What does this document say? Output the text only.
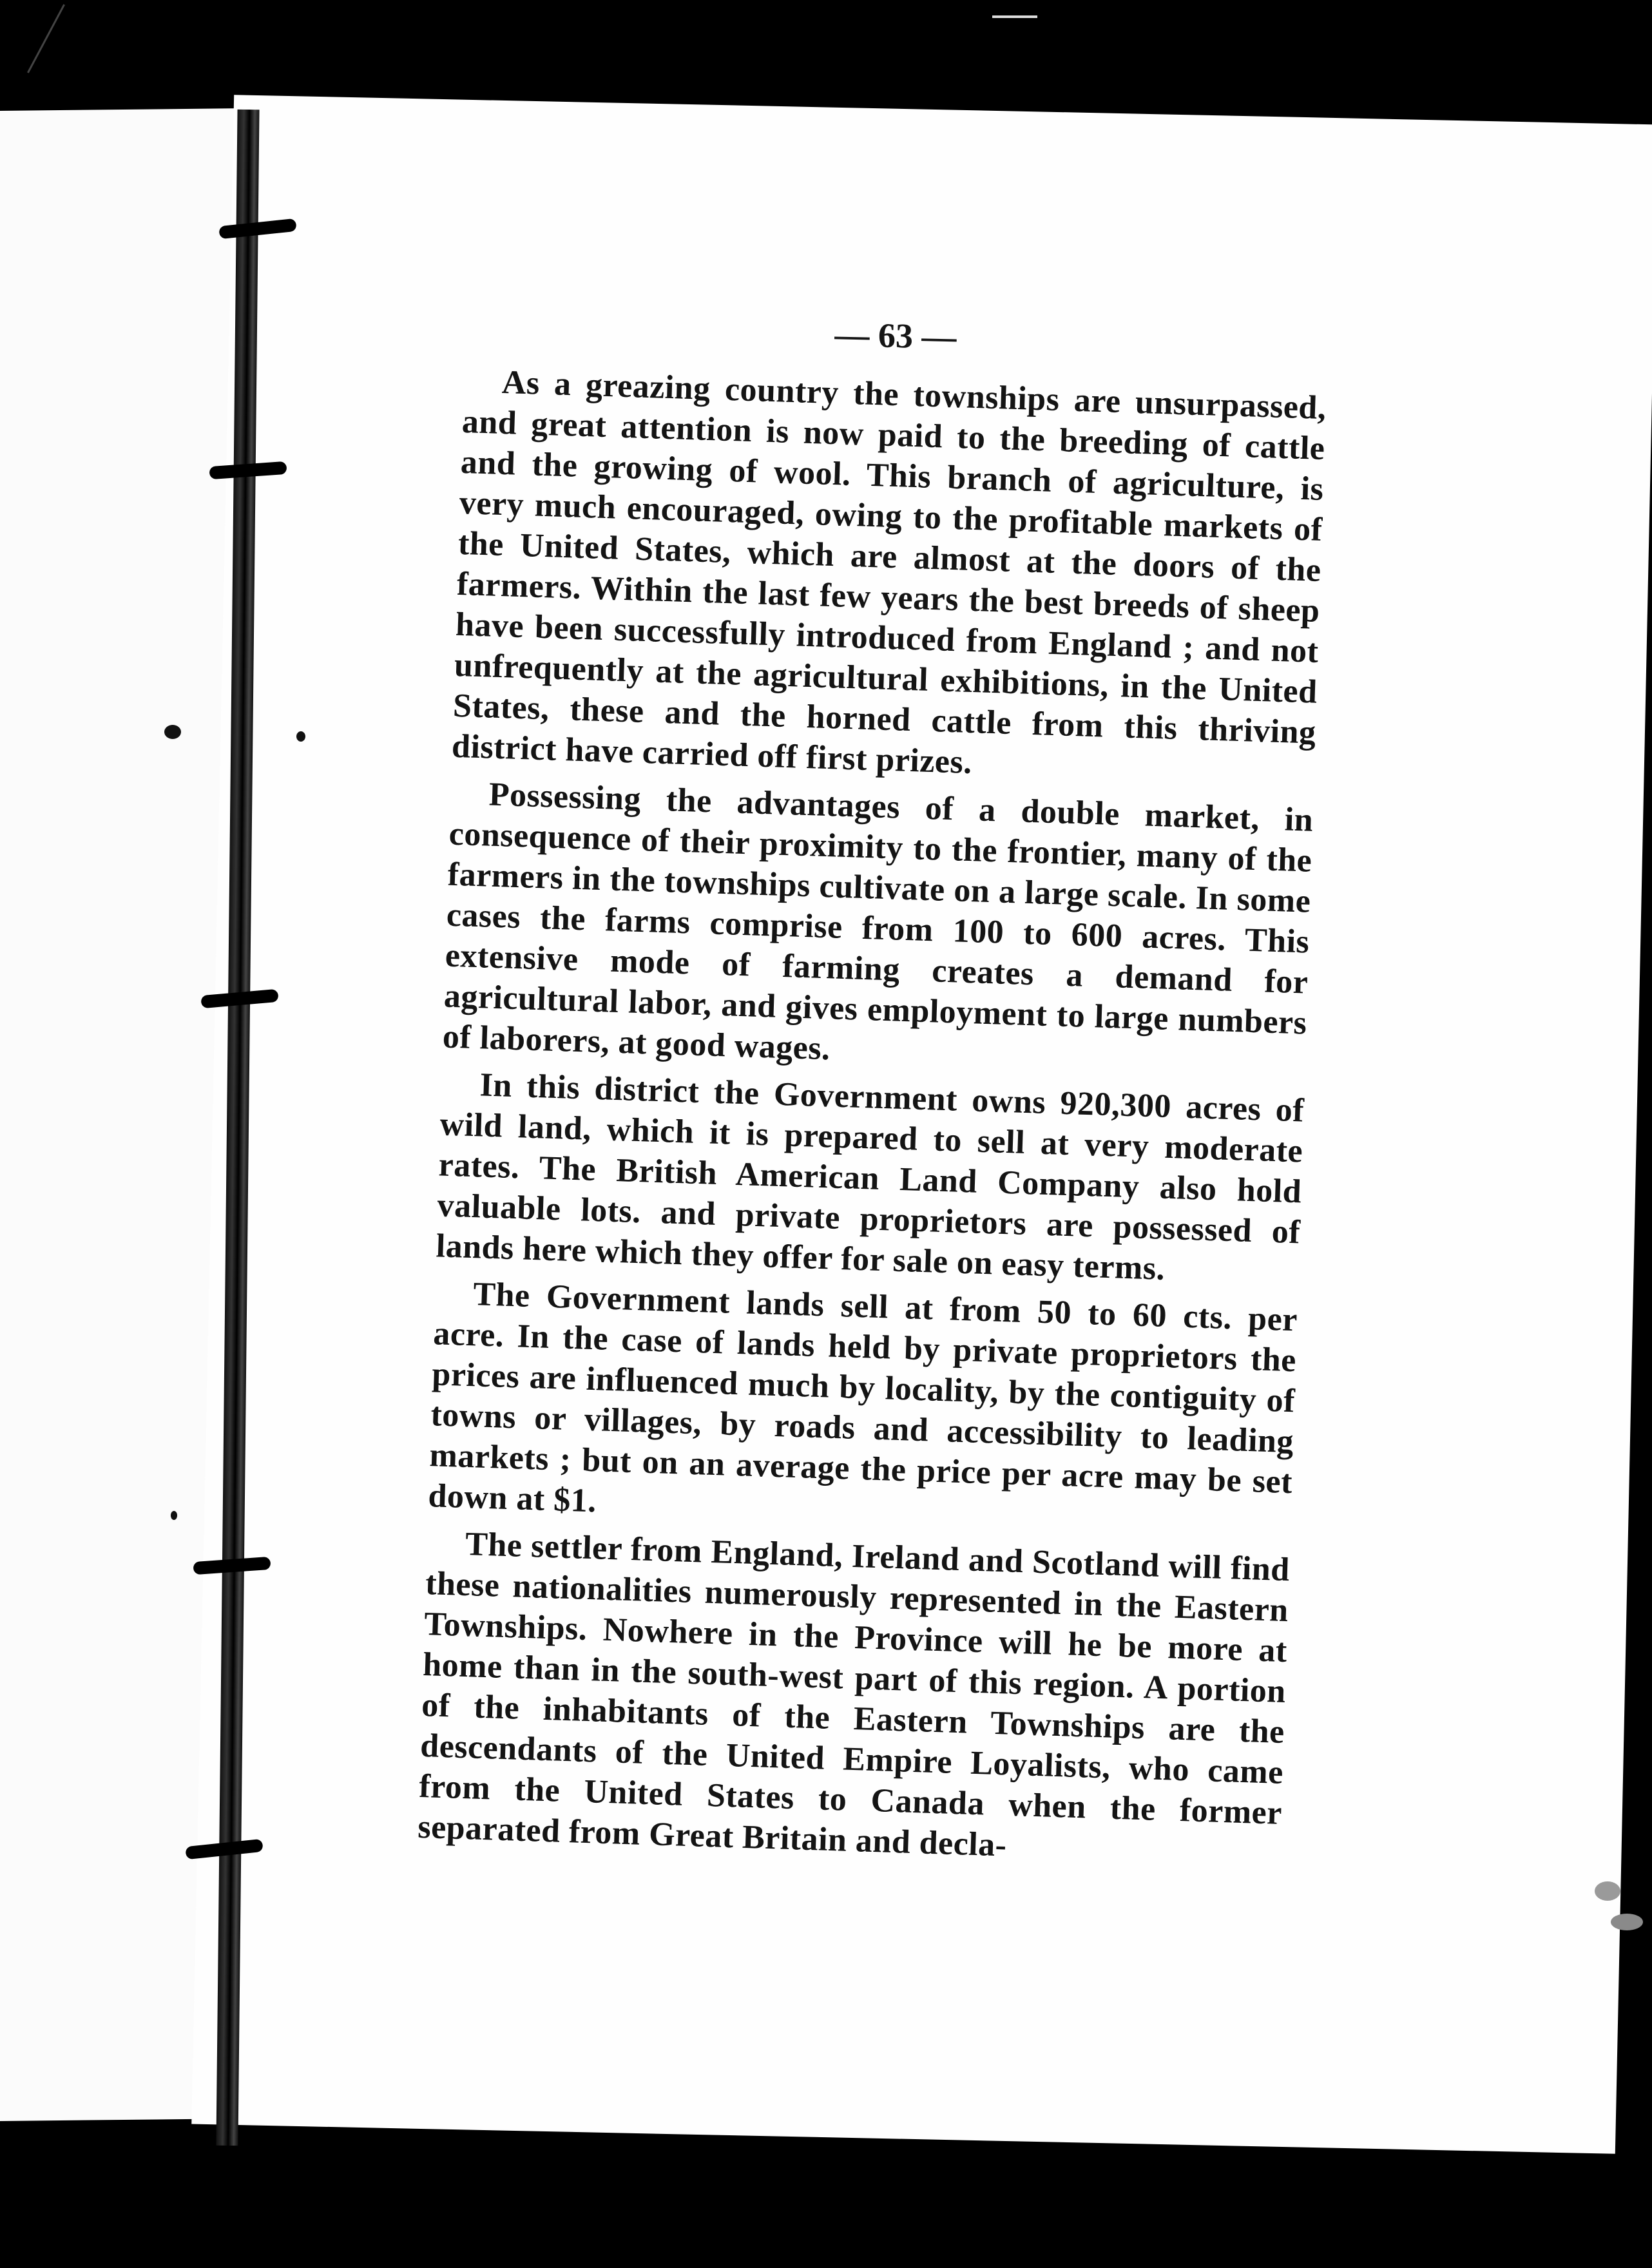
— 63 —

As a greazing country the townships are unsurpassed, and great attention is now paid to the breeding of cattle and the growing of wool. This branch of agriculture, is very much encouraged, owing to the profitable markets of the United States, which are almost at the doors of the farmers. Within the last few years the best breeds of sheep have been successfully introduced from England ; and not unfrequently at the agricultural exhibitions, in the United States, these and the horned cattle from this thriving district have carried off first prizes.

Possessing the advantages of a double market, in consequence of their proximity to the frontier, many of the farmers in the townships cultivate on a large scale. In some cases the farms comprise from 100 to 600 acres. This extensive mode of farming creates a demand for agricultural labor, and gives employment to large numbers of laborers, at good wages.

In this district the Government owns 920,300 acres of wild land, which it is prepared to sell at very moderate rates. The British American Land Company also hold valuable lots. and private proprietors are possessed of lands here which they offer for sale on easy terms.

The Government lands sell at from 50 to 60 cts. per acre. In the case of lands held by private proprietors the prices are influenced much by locality, by the contiguity of towns or villages, by roads and accessibility to leading markets ; but on an average the price per acre may be set down at $1.

The settler from England, Ireland and Scotland will find these nationalities numerously represented in the Eastern Townships. Nowhere in the Province will he be more at home than in the south-west part of this region. A portion of the inhabitants of the Eastern Townships are the descendants of the United Empire Loyalists, who came from the United States to Canada when the former separated from Great Britain and decla-
